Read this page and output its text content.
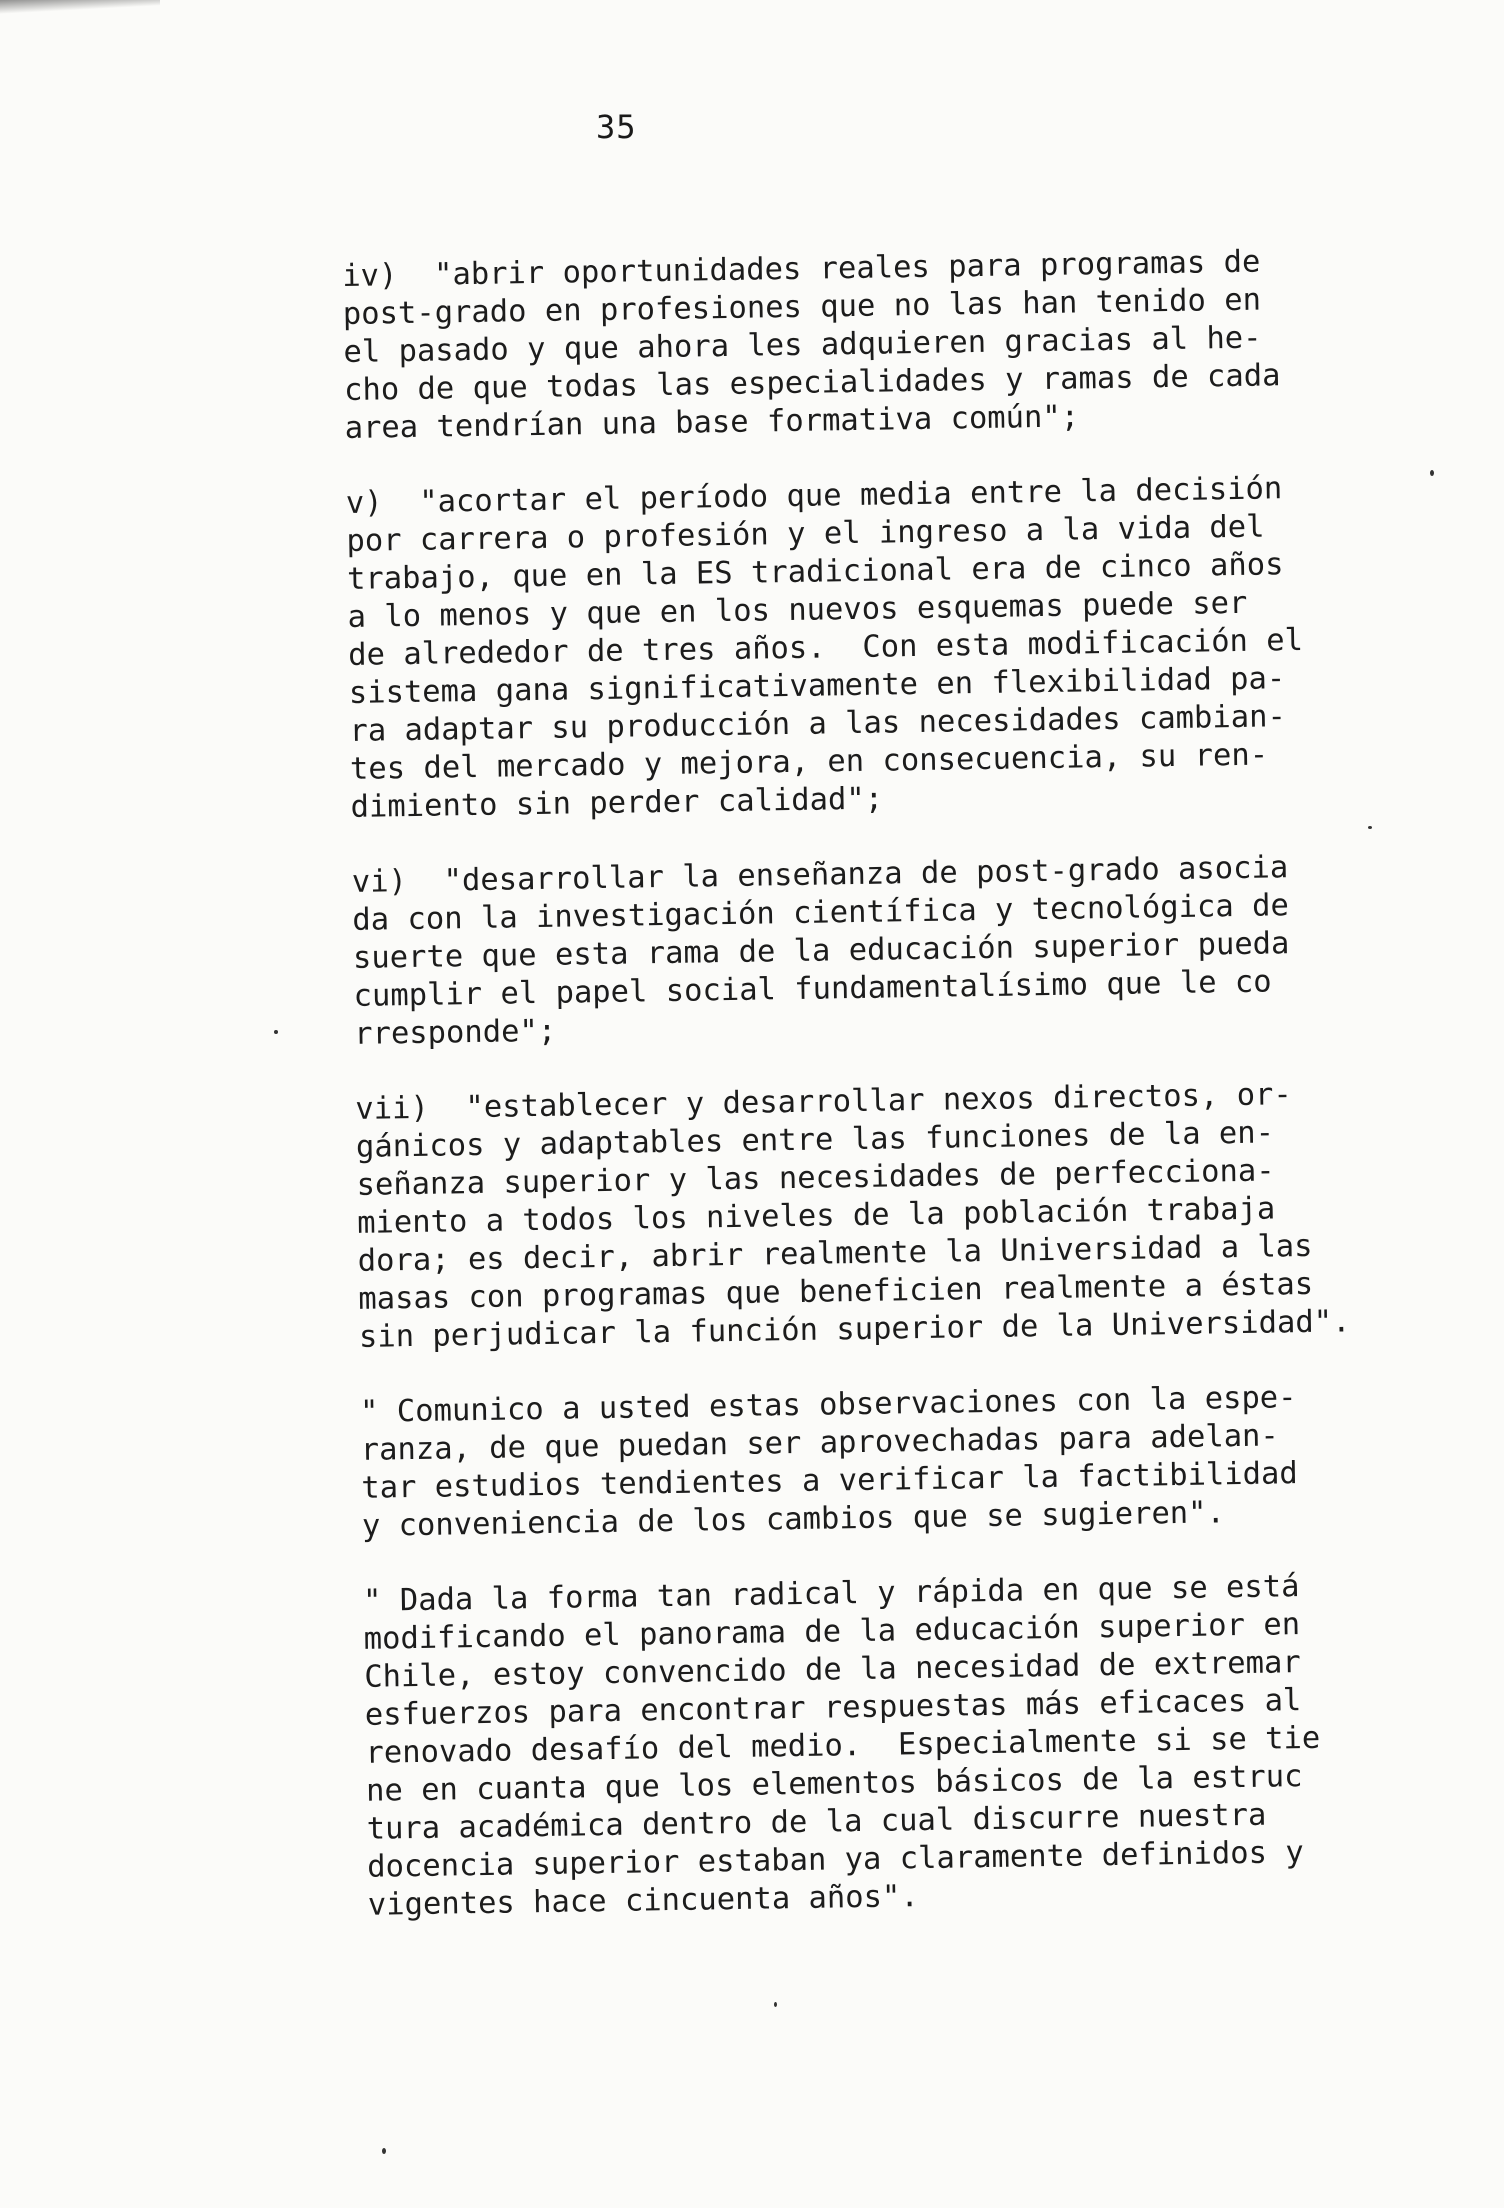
35
iv)  "abrir oportunidades reales para programas de
post-grado en profesiones que no las han tenido en
el pasado y que ahora les adquieren gracias al he-
cho de que todas las especialidades y ramas de cada
area tendrían una base formativa común";
v)  "acortar el período que media entre la decisión
por carrera o profesión y el ingreso a la vida del
trabajo, que en la ES tradicional era de cinco años
a lo menos y que en los nuevos esquemas puede ser
de alrededor de tres años.  Con esta modificación el
sistema gana significativamente en flexibilidad pa-
ra adaptar su producción a las necesidades cambian-
tes del mercado y mejora, en consecuencia, su ren-
dimiento sin perder calidad";
vi)  "desarrollar la enseñanza de post-grado asocia
da con la investigación científica y tecnológica de
suerte que esta rama de la educación superior pueda
cumplir el papel social fundamentalísimo que le co
rresponde";
vii)  "establecer y desarrollar nexos directos, or-
gánicos y adaptables entre las funciones de la en-
señanza superior y las necesidades de perfecciona-
miento a todos los niveles de la población trabaja
dora; es decir, abrir realmente la Universidad a las
masas con programas que beneficien realmente a éstas
sin perjudicar la función superior de la Universidad".
" Comunico a usted estas observaciones con la espe-
ranza, de que puedan ser aprovechadas para adelan-
tar estudios tendientes a verificar la factibilidad
y conveniencia de los cambios que se sugieren".
" Dada la forma tan radical y rápida en que se está
modificando el panorama de la educación superior en
Chile, estoy convencido de la necesidad de extremar
esfuerzos para encontrar respuestas más eficaces al
renovado desafío del medio.  Especialmente si se tie
ne en cuanta que los elementos básicos de la estruc
tura académica dentro de la cual discurre nuestra
docencia superior estaban ya claramente definidos y
vigentes hace cincuenta años".
